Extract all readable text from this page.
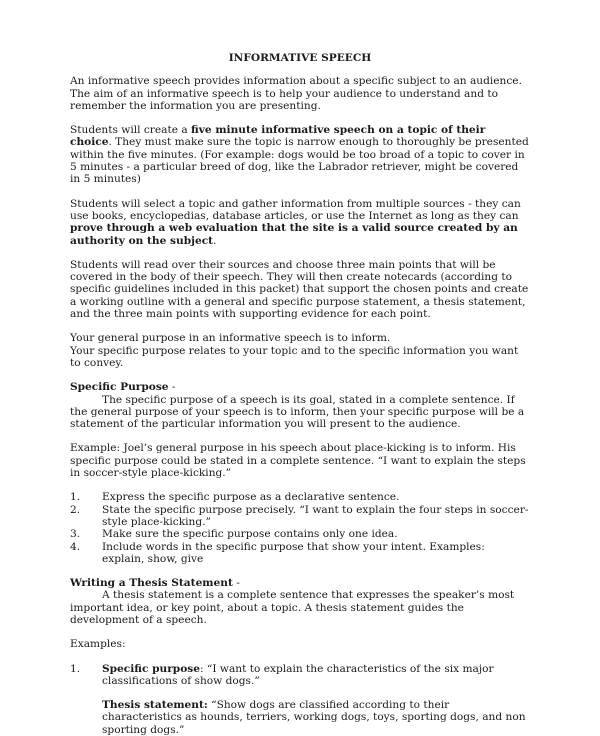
INFORMATIVE SPEECH

An informative speech provides information about a specific subject to an audience. The aim of an informative speech is to help your audience to understand and to remember the information you are presenting.

Students will create a five minute informative speech on a topic of their choice. They must make sure the topic is narrow enough to thoroughly be presented within the five minutes. (For example: dogs would be too broad of a topic to cover in 5 minutes - a particular breed of dog, like the Labrador retriever, might be covered in 5 minutes)

Students will select a topic and gather information from multiple sources - they can use books, encyclopedias, database articles, or use the Internet as long as they can prove through a web evaluation that the site is a valid source created by an authority on the subject.

Students will read over their sources and choose three main points that will be covered in the body of their speech. They will then create notecards (according to specific guidelines included in this packet) that support the chosen points and create a working outline with a general and specific purpose statement, a thesis statement, and the three main points with supporting evidence for each point.

Your general purpose in an informative speech is to inform.
Your specific purpose relates to your topic and to the specific information you want to convey.

Specific Purpose -
The specific purpose of a speech is its goal, stated in a complete sentence. If the general purpose of your speech is to inform, then your specific purpose will be a statement of the particular information you will present to the audience.

Example: Joel’s general purpose in his speech about place-kicking is to inform. His specific purpose could be stated in a complete sentence. “I want to explain the steps in soccer-style place-kicking.”

1.	Express the specific purpose as a declarative sentence.
2.	State the specific purpose precisely. “I want to explain the four steps in soccer-style place-kicking.”
3.	Make sure the specific purpose contains only one idea.
4.	Include words in the specific purpose that show your intent. Examples: explain, show, give
Writing a Thesis Statement -
A thesis statement is a complete sentence that expresses the speaker’s most important idea, or key point, about a topic. A thesis statement guides the development of a speech.

Examples:

1.	Specific purpose: “I want to explain the characteristics of the six major classifications of show dogs.”
Thesis statement: “Show dogs are classified according to their characteristics as hounds, terriers, working dogs, toys, sporting dogs, and non sporting dogs.”
